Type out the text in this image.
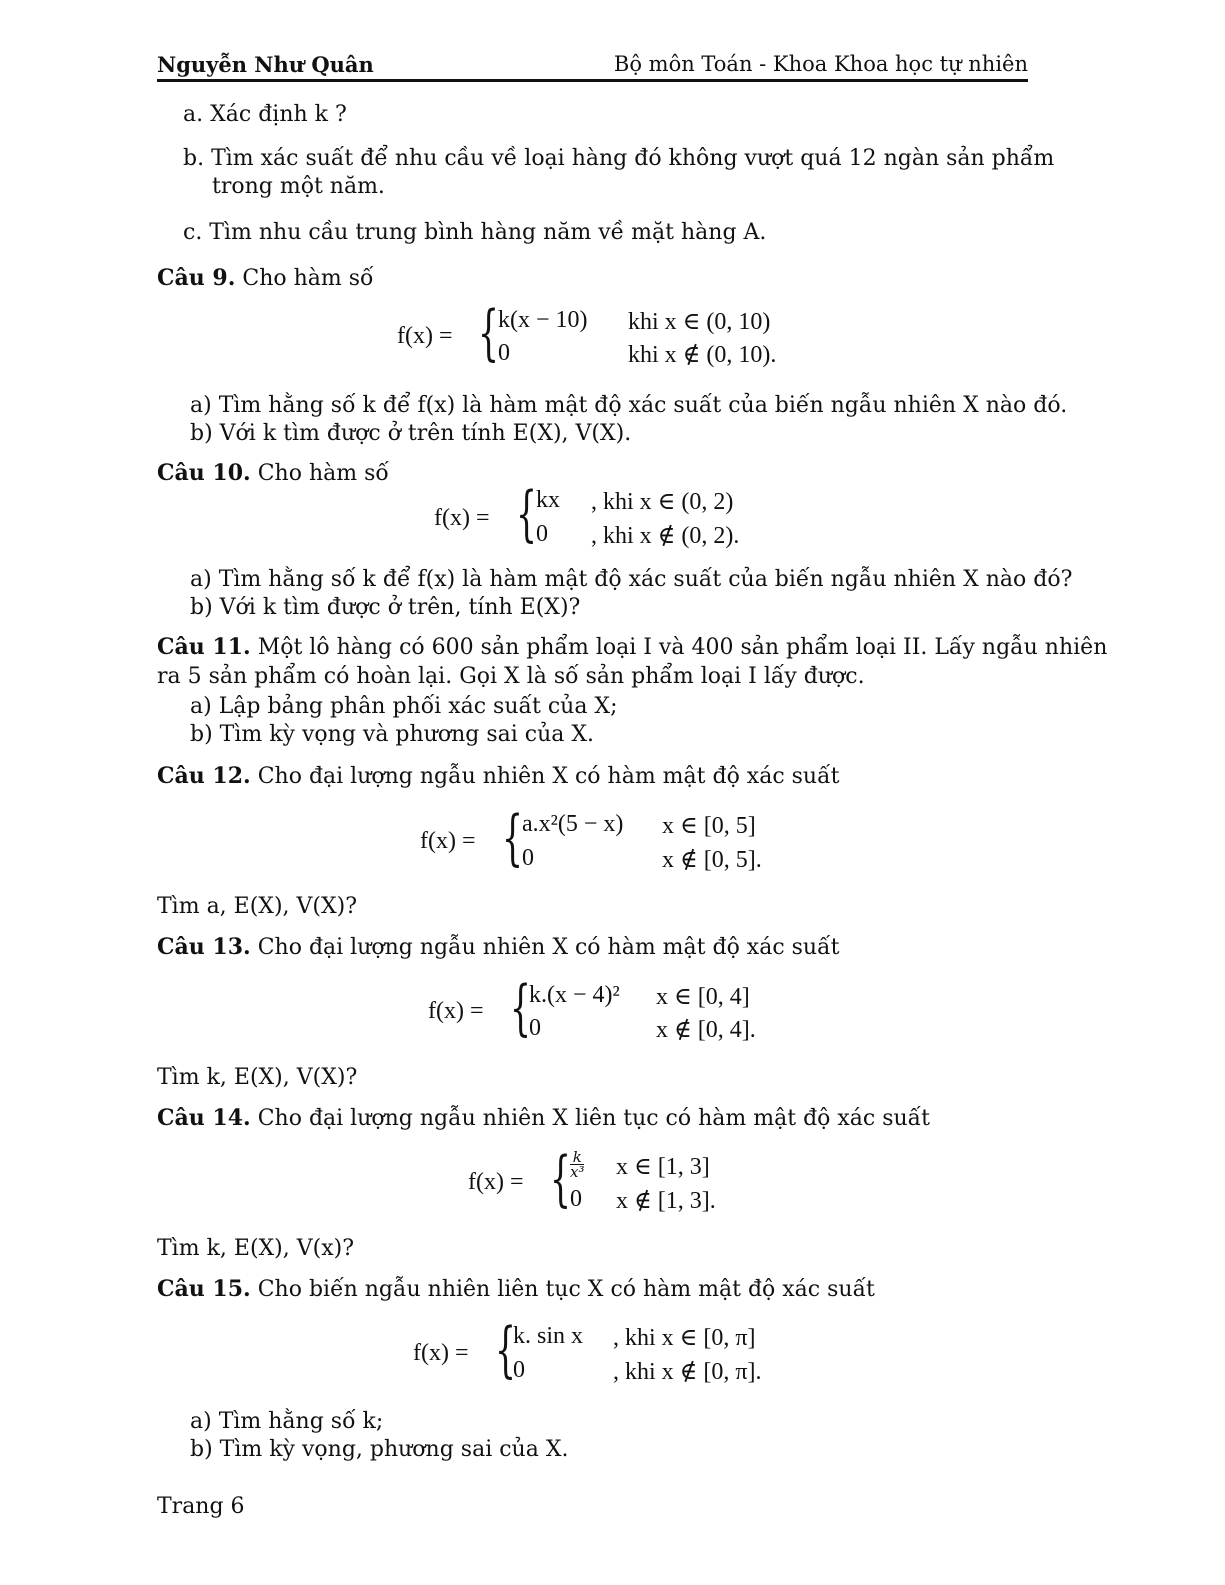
Nguyễn Như Quân	Bộ môn Toán - Khoa Khoa học tự nhiên
a. Xác định k ?
b. Tìm xác suất để nhu cầu về loại hàng đó không vượt quá 12 ngàn sản phẩm
trong một năm.
c. Tìm nhu cầu trung bình hàng năm về mặt hàng A.
Câu 9. Cho hàm số
f(x) = {
k(x − 10) khi x ∈ (0, 10)
0	khi x ∉ (0, 10).
a) Tìm hằng số k để f(x) là hàm mật độ xác suất của biến ngẫu nhiên X nào đó.
b) Với k tìm được ở trên tính E(X), V(X).
Câu 10. Cho hàm số
f(x) = {
kx , khi x ∈ (0, 2)
0 , khi x ∉ (0, 2).
a) Tìm hằng số k để f(x) là hàm mật độ xác suất của biến ngẫu nhiên X nào đó?
b) Với k tìm được ở trên, tính E(X)?
Câu 11. Một lô hàng có 600 sản phẩm loại I và 400 sản phẩm loại II. Lấy ngẫu nhiên
ra 5 sản phẩm có hoàn lại. Gọi X là số sản phẩm loại I lấy được.
a) Lập bảng phân phối xác suất của X;
b) Tìm kỳ vọng và phương sai của X.
Câu 12. Cho đại lượng ngẫu nhiên X có hàm mật độ xác suất
f(x) = {
a.x²(5 − x) x ∈ [0, 5]
0	x ∉ [0, 5].
Tìm a, E(X), V(X)?
Câu 13. Cho đại lượng ngẫu nhiên X có hàm mật độ xác suất
f(x) = {
k.(x − 4)² x ∈ [0, 4]
0	x ∉ [0, 4].
Tìm k, E(X), V(X)?
Câu 14. Cho đại lượng ngẫu nhiên X liên tục có hàm mật độ xác suất
f(x) = {
$\frac{k}{\text{x³}}$ x ∈ [1, 3]
0 x ∉ [1, 3].
Tìm k, E(X), V(x)?
Câu 15. Cho biến ngẫu nhiên liên tục X có hàm mật độ xác suất
f(x) = {
k. sin x , khi x ∈ [0, π]
0	, khi x ∉ [0, π].
a) Tìm hằng số k;
b) Tìm kỳ vọng, phương sai của X.
Trang 6
